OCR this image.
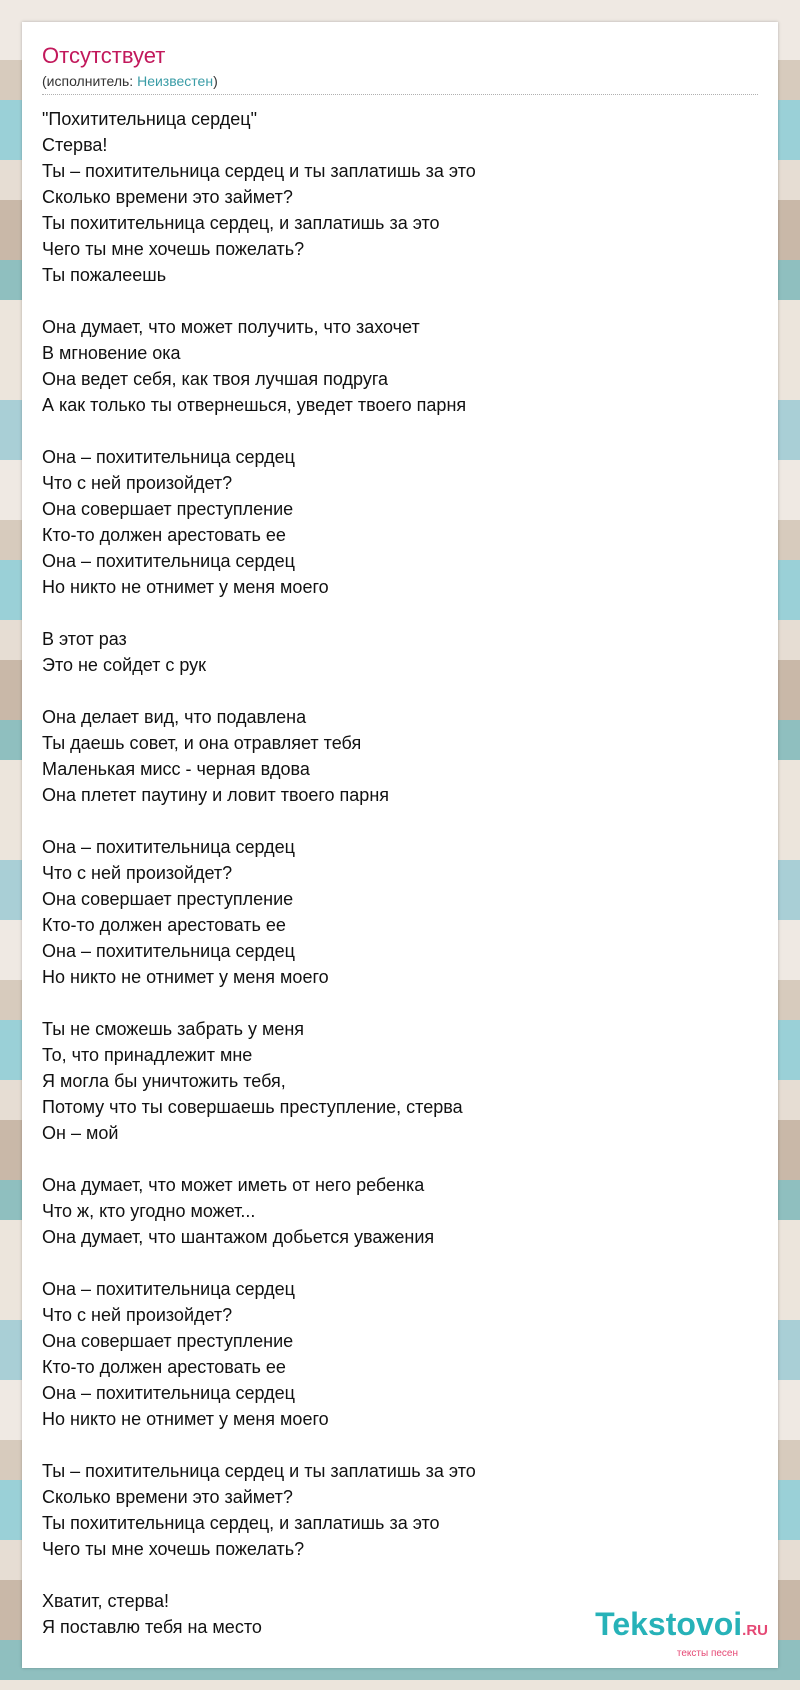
Отсутствует
(исполнитель: Неизвестен)
"Похитительница сердец"
Стерва!
Ты – похитительница сердец и ты заплатишь за это
Сколько времени это займет?
Ты похитительница сердец, и заплатишь за это
Чего ты мне хочешь пожелать?
Ты пожалеешь
Она думает, что может получить, что захочет
В мгновение ока
Она ведет себя, как твоя лучшая подруга
А как только ты отвернешься, уведет твоего парня
Она – похитительница сердец
Что с ней произойдет?
Она совершает преступление
Кто-то должен арестовать ее
Она – похитительница сердец
Но никто не отнимет у меня моего
В этот раз
Это не сойдет с рук
Она делает вид, что подавлена
Ты даешь совет, и она отравляет тебя
Маленькая мисс - черная вдова
Она плетет паутину и ловит твоего парня
Она – похитительница сердец
Что с ней произойдет?
Она совершает преступление
Кто-то должен арестовать ее
Она – похитительница сердец
Но никто не отнимет у меня моего
Ты не сможешь забрать у меня
То, что принадлежит мне
Я могла бы уничтожить тебя,
Потому что ты совершаешь преступление, стерва
Он – мой
Она думает, что может иметь от него ребенка
Что ж, кто угодно может...
Она думает, что шантажом добьется уважения
Она – похитительница сердец
Что с ней произойдет?
Она совершает преступление
Кто-то должен арестовать ее
Она – похитительница сердец
Но никто не отнимет у меня моего
Ты – похитительница сердец и ты заплатишь за это
Сколько времени это займет?
Ты похитительница сердец, и заплатишь за это
Чего ты мне хочешь пожелать?
Хватит, стерва!
Я поставлю тебя на место	Tekstovoi.RU
тексты песен
